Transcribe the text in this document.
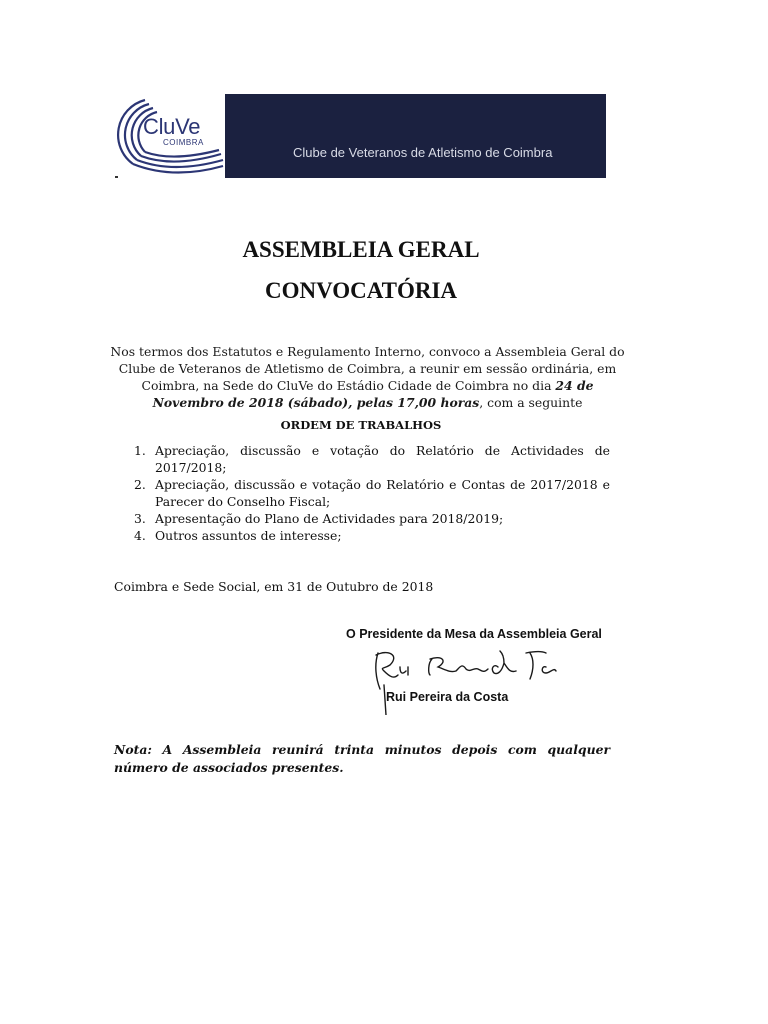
CluVe
COIMBRA
Clube de Veteranos de Atletismo de Coimbra
ASSEMBLEIA GERAL
CONVOCATÓRIA
Nos termos dos Estatutos e Regulamento Interno, convoco a Assembleia Geral do Clube de Veteranos de Atletismo de Coimbra, a reunir em sessão ordinária, em Coimbra, na Sede do CluVe do Estádio Cidade de Coimbra no dia 24 de Novembro de 2018 (sábado), pelas 17,00 horas, com a seguinte
ORDEM DE TRABALHOS
1. Apreciação, discussão e votação do Relatório de Actividades de 2017/2018;
2. Apreciação, discussão e votação do Relatório e Contas de 2017/2018 e Parecer do Conselho Fiscal;
3. Apresentação do Plano de Actividades para 2018/2019;
4. Outros assuntos de interesse;
Coimbra e Sede Social, em 31 de Outubro de 2018
O Presidente da Mesa da Assembleia Geral
Rui Pereira da Costa
Nota: A Assembleia reunirá trinta minutos depois com qualquer número de associados presentes.
